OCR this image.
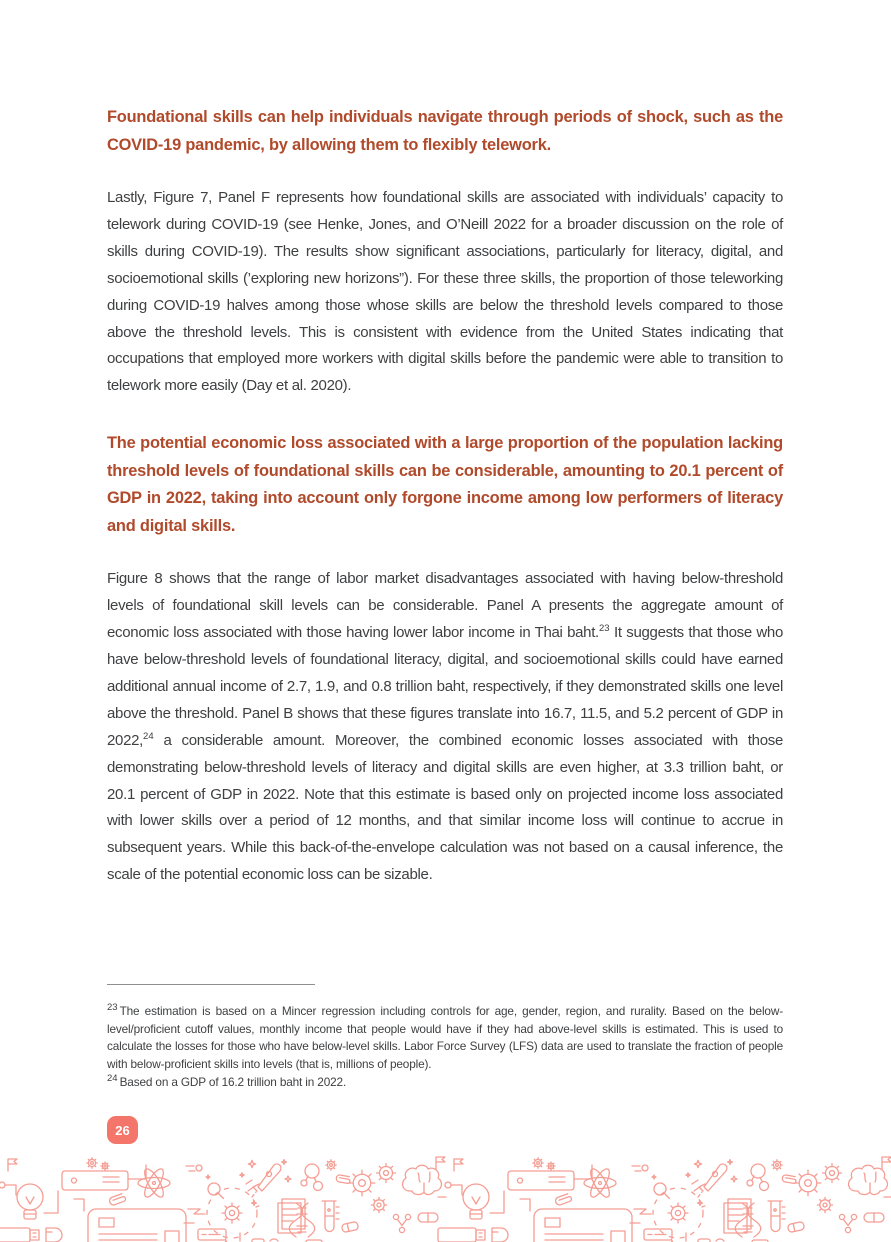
Foundational skills can help individuals navigate through periods of shock, such as the COVID-19 pandemic, by allowing them to flexibly telework.

Lastly, Figure 7, Panel F represents how foundational skills are associated with individuals’ capacity to telework during COVID-19 (see Henke, Jones, and O’Neill 2022 for a broader discussion on the role of skills during COVID-19). The results show significant associations, particularly for literacy, digital, and socioemotional skills (’exploring new horizons”). For these three skills, the proportion of those teleworking during COVID-19 halves among those whose skills are below the threshold levels compared to those above the threshold levels. This is consistent with evidence from the United States indicating that occupations that employed more workers with digital skills before the pandemic were able to transition to telework more easily (Day et al. 2020).

The potential economic loss associated with a large proportion of the population lacking threshold levels of foundational skills can be considerable, amounting to 20.1 percent of GDP in 2022, taking into account only forgone income among low performers of literacy and digital skills.

Figure 8 shows that the range of labor market disadvantages associated with having below-threshold levels of foundational skill levels can be considerable. Panel A presents the aggregate amount of economic loss associated with those having lower labor income in Thai baht.$^{23}$ It suggests that those who have below-threshold levels of foundational literacy, digital, and socioemotional skills could have earned additional annual income of 2.7, 1.9, and 0.8 trillion baht, respectively, if they demonstrated skills one level above the threshold. Panel B shows that these figures translate into 16.7, 11.5, and 5.2 percent of GDP in 2022,24 a considerable amount. Moreover, the combined economic losses associated with those demonstrating below-threshold levels of literacy and digital skills are even higher, at 3.3 trillion baht, or 20.1 percent of GDP in 2022. Note that this estimate is based only on projected income loss associated with lower skills over a period of 12 months, and that similar income loss will continue to accrue in subsequent years. While this back-of-the-envelope calculation was not based on a causal inference, the scale of the potential economic loss can be sizable.

$^{23}$ The estimation is based on a Mincer regression including controls for age, gender, region, and rurality. Based on the below-level/proficient cutoff values, monthly income that people would have if they had above-level skills is estimated. This is used to calculate the losses for those who have below-level skills. Labor Force Survey (LFS) data are used to translate the fraction of people with below-proficient skills into levels (that is, millions of people).

$^{24}$ Based on a GDP of 16.2 trillion baht in 2022.

26
